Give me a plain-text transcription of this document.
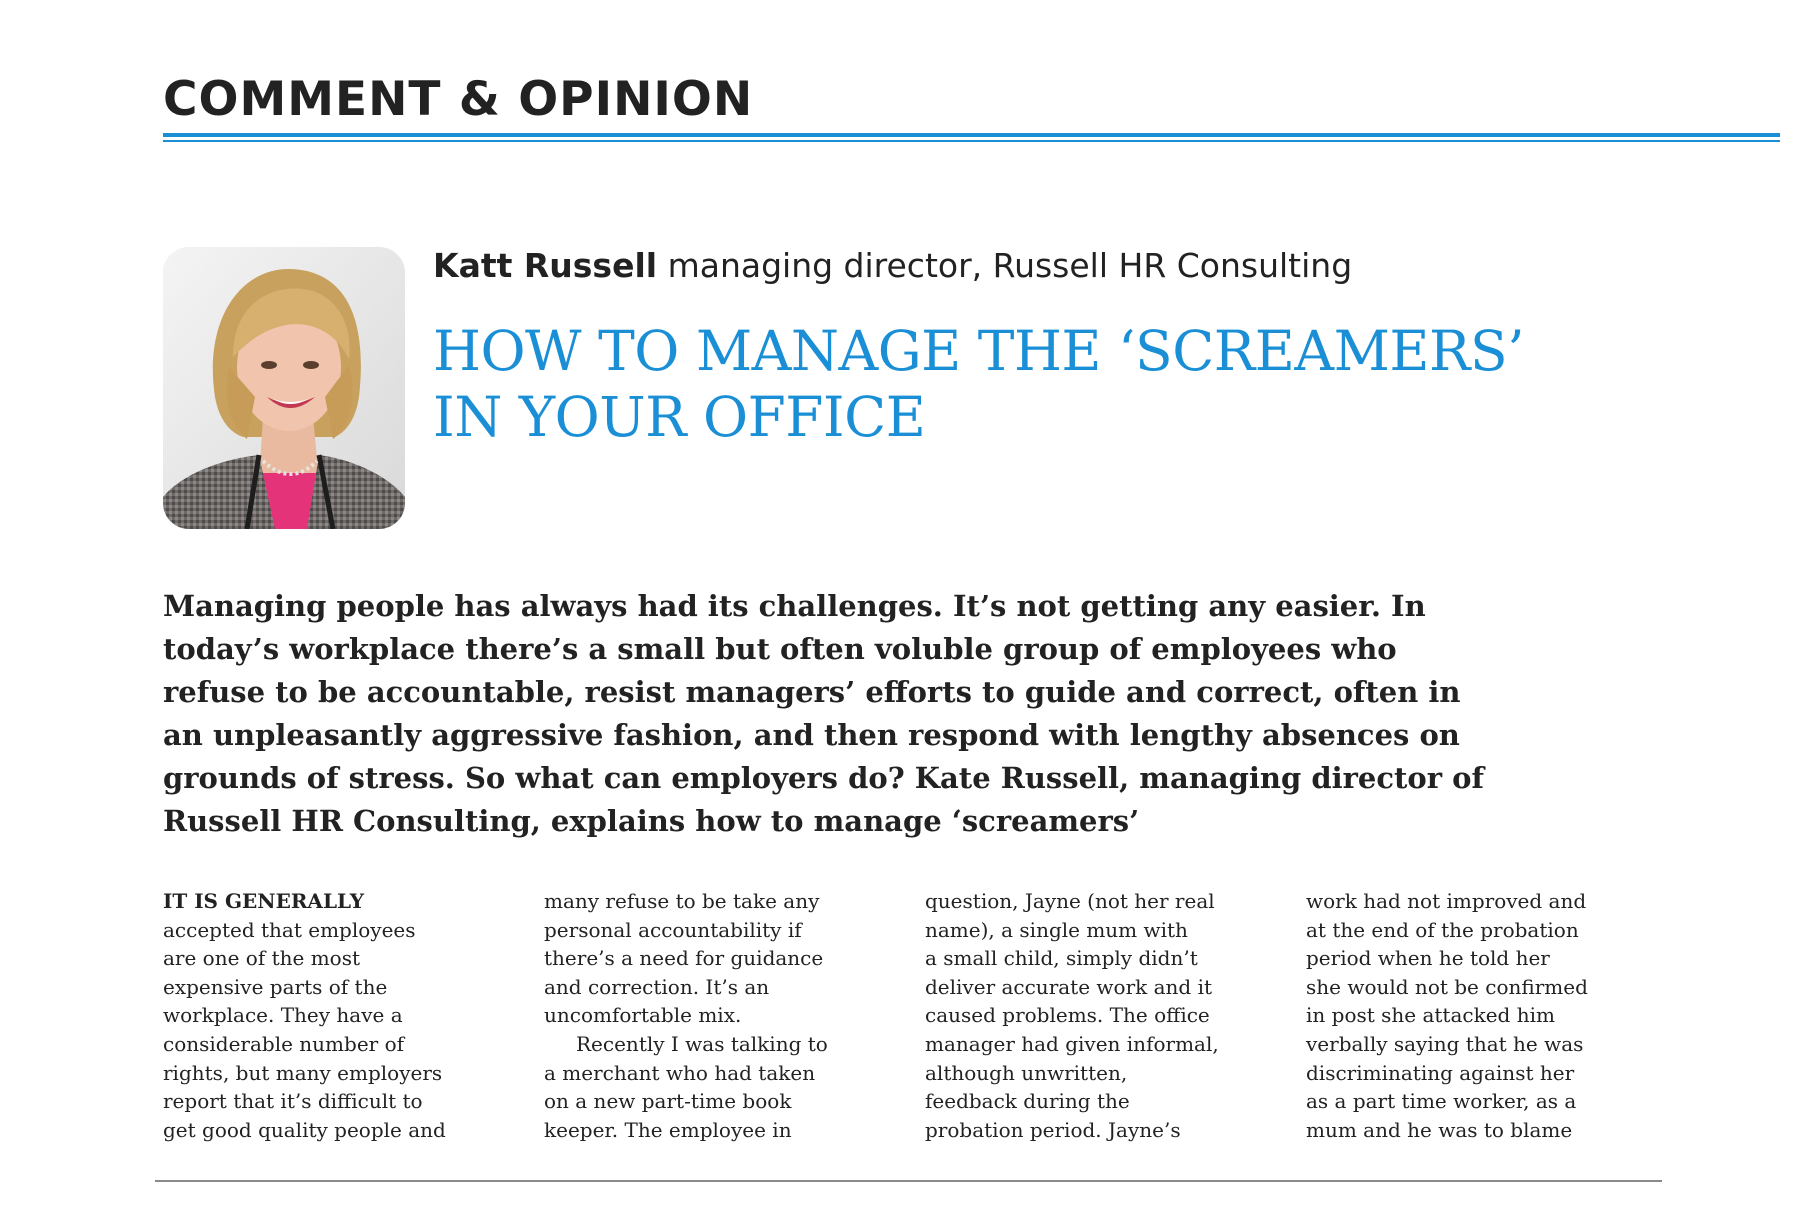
COMMENT & OPINION
Katt Russell managing director, Russell HR Consulting
HOW TO MANAGE THE ‘SCREAMERS’
IN YOUR OFFICE

Managing people has always had its challenges. It’s not getting any easier. In
today’s workplace there’s a small but often voluble group of employees who
refuse to be accountable, resist managers’ efforts to guide and correct, often in
an unpleasantly aggressive fashion, and then respond with lengthy absences on
grounds of stress. So what can employers do? Kate Russell, managing director of
Russell HR Consulting, explains how to manage ‘screamers’

IT IS GENERALLY
accepted that employees
are one of the most
expensive parts of the
workplace. They have a
considerable number of
rights, but many employers
report that it’s difficult to
get good quality people and

many refuse to be take any
personal accountability if
there’s a need for guidance
and correction. It’s an
uncomfortable mix.
Recently I was talking to
a merchant who had taken
on a new part-time book
keeper. The employee in

question, Jayne (not her real
name), a single mum with
a small child, simply didn’t
deliver accurate work and it
caused problems. The office
manager had given informal,
although unwritten,
feedback during the
probation period. Jayne’s

work had not improved and
at the end of the probation
period when he told her
she would not be confirmed
in post she attacked him
verbally saying that he was
discriminating against her
as a part time worker, as a
mum and he was to blame
